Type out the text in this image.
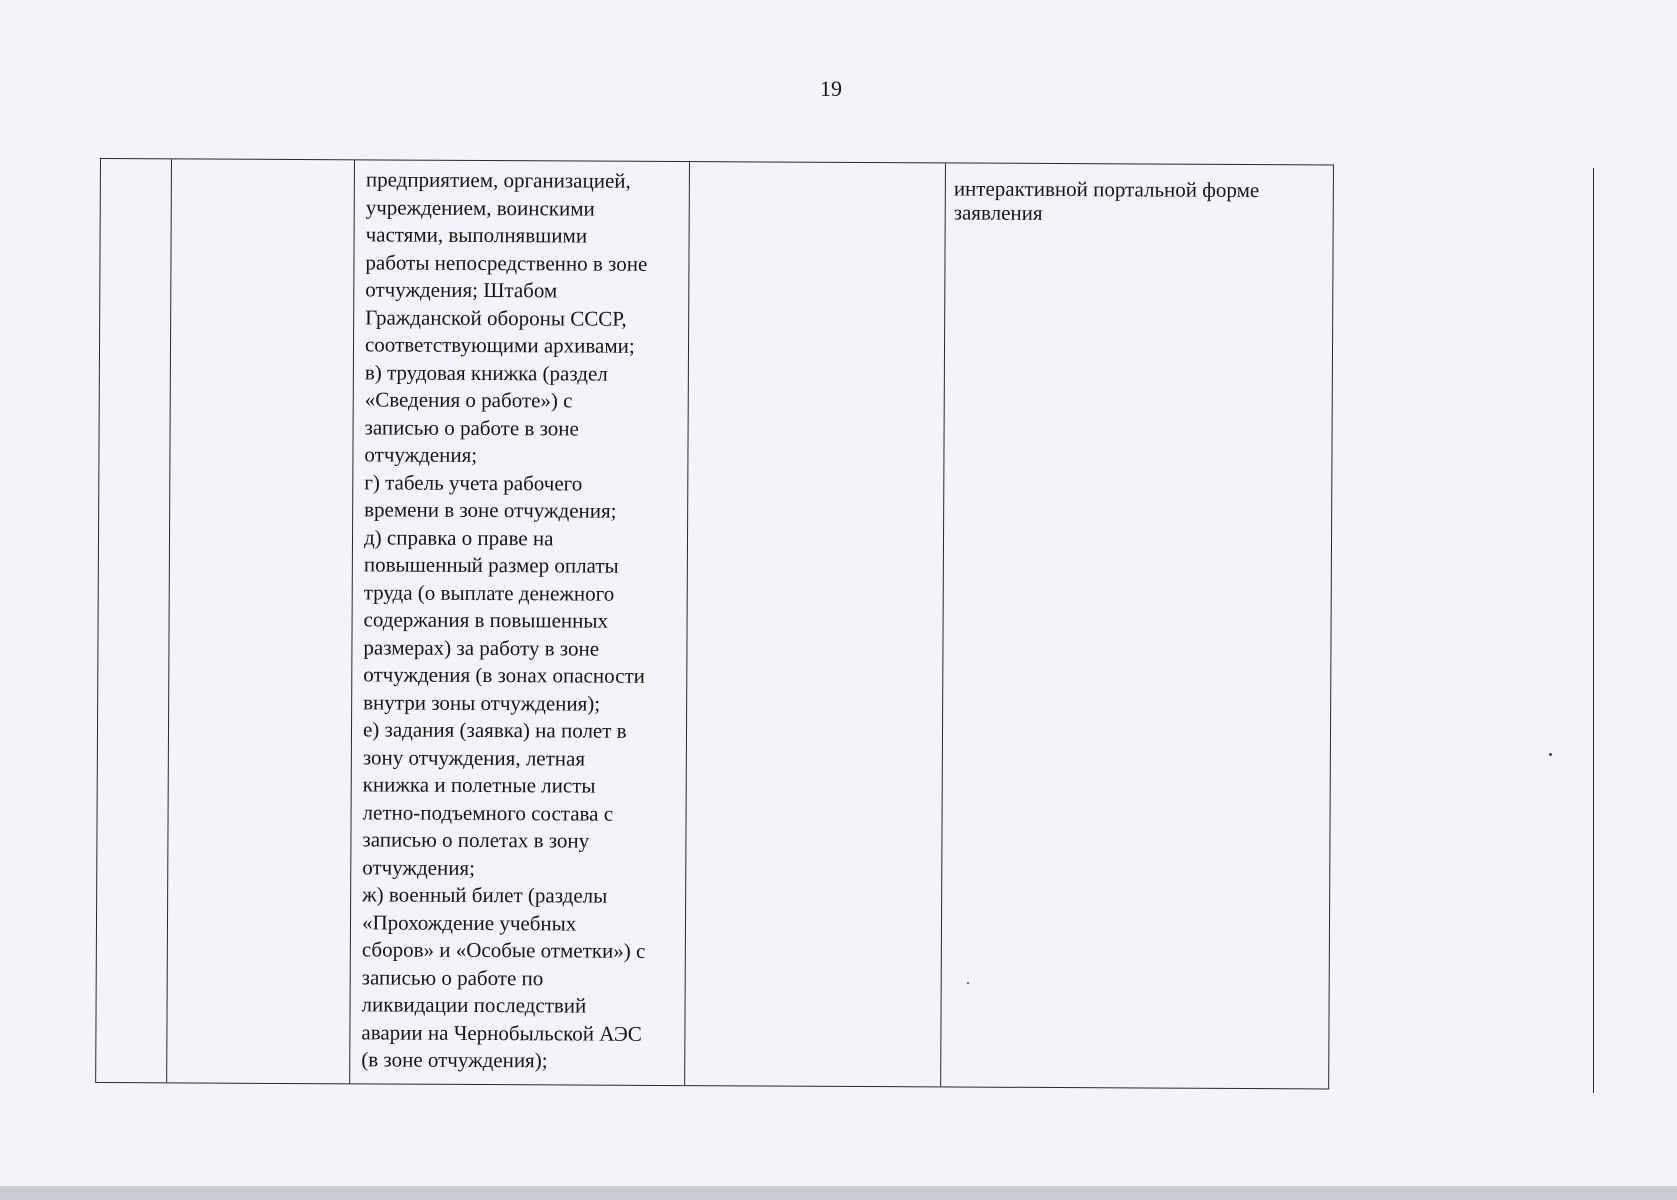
19
предприятием, организацией,
учреждением, воинскими
частями, выполнявшими
работы непосредственно в зоне
отчуждения; Штабом
Гражданской обороны СССР,
соответствующими архивами;
в) трудовая книжка (раздел
«Сведения о работе») с
записью о работе в зоне
отчуждения;
г) табель учета рабочего
времени в зоне отчуждения;
д) справка о праве на
повышенный размер оплаты
труда (о выплате денежного
содержания в повышенных
размерах) за работу в зоне
отчуждения (в зонах опасности
внутри зоны отчуждения);
е) задания (заявка) на полет в
зону отчуждения, летная
книжка и полетные листы
летно-подъемного состава с
записью о полетах в зону
отчуждения;
ж) военный билет (разделы
«Прохождение учебных
сборов» и «Особые отметки») с
записью о работе по
ликвидации последствий
аварии на Чернобыльской АЭС
(в зоне отчуждения);
интерактивной портальной форме
заявления
